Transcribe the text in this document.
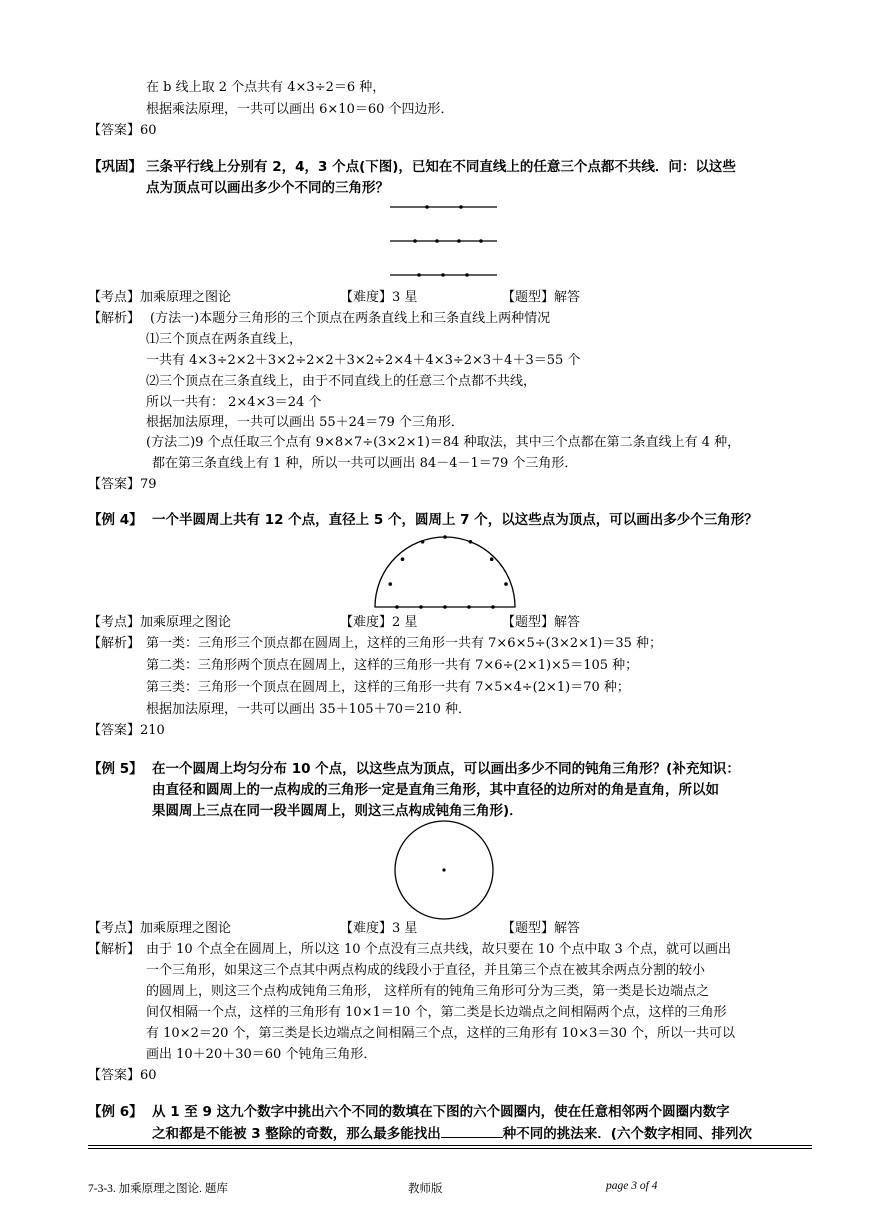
在 b 线上取 2 个点共有 4×3÷2＝6 种，
根据乘法原理，一共可以画出 6×10＝60 个四边形．
【答案】60
【巩固】 三条平行线上分别有 2，4，3 个点(下图)，已知在不同直线上的任意三个点都不共线．问：以这些
点为顶点可以画出多少个不同的三角形？
【考点】加乘原理之图论	【难度】3 星	【题型】解答
【解析】 (方法一)本题分三角形的三个顶点在两条直线上和三条直线上两种情况
⑴三个顶点在两条直线上，
一共有 4×3÷2×2＋3×2÷2×2＋3×2÷2×4＋4×3÷2×3＋4＋3＝55 个
⑵三个顶点在三条直线上，由于不同直线上的任意三个点都不共线，
所以一共有： 2×4×3＝24 个
根据加法原理，一共可以画出 55＋24＝79 个三角形．
(方法二)9 个点任取三个点有 9×8×7÷(3×2×1)＝84 种取法，其中三个点都在第二条直线上有 4 种，
都在第三条直线上有 1 种，所以一共可以画出 84－4－1＝79 个三角形．
【答案】79
【例 4】 一个半圆周上共有 12 个点，直径上 5 个，圆周上 7 个，以这些点为顶点，可以画出多少个三角形？
【考点】加乘原理之图论	【难度】2 星	【题型】解答
【解析】 第一类：三角形三个顶点都在圆周上，这样的三角形一共有 7×6×5÷(3×2×1)＝35 种；
第二类：三角形两个顶点在圆周上，这样的三角形一共有 7×6÷(2×1)×5＝105 种；
第三类：三角形一个顶点在圆周上，这样的三角形一共有 7×5×4÷(2×1)＝70 种；
根据加法原理，一共可以画出 35＋105＋70＝210 种．
【答案】210
【例 5】 在一个圆周上均匀分布 10 个点，以这些点为顶点，可以画出多少不同的钝角三角形？(补充知识：
由直径和圆周上的一点构成的三角形一定是直角三角形，其中直径的边所对的角是直角，所以如
果圆周上三点在同一段半圆周上，则这三点构成钝角三角形)．
【考点】加乘原理之图论	【难度】3 星	【题型】解答
【解析】 由于 10 个点全在圆周上，所以这 10 个点没有三点共线，故只要在 10 个点中取 3 个点，就可以画出
一个三角形，如果这三个点其中两点构成的线段小于直径，并且第三个点在被其余两点分割的较小
的圆周上，则这三个点构成钝角三角形， 这样所有的钝角三角形可分为三类，第一类是长边端点之
间仅相隔一个点，这样的三角形有 10×1＝10 个，第二类是长边端点之间相隔两个点，这样的三角形
有 10×2＝20 个，第三类是长边端点之间相隔三个点，这样的三角形有 10×3＝30 个，所以一共可以
画出 10＋20＋30＝60 个钝角三角形．
【答案】60
【例 6】 从 1 至 9 这九个数字中挑出六个不同的数填在下图的六个圆圈内，使在任意相邻两个圆圈内数字
之和都是不能被 3 整除的奇数，那么最多能找出	种不同的挑法来．(六个数字相同、排列次
7-3-3. 加乘原理之图论. 题库	教师版	page 3 of 4
